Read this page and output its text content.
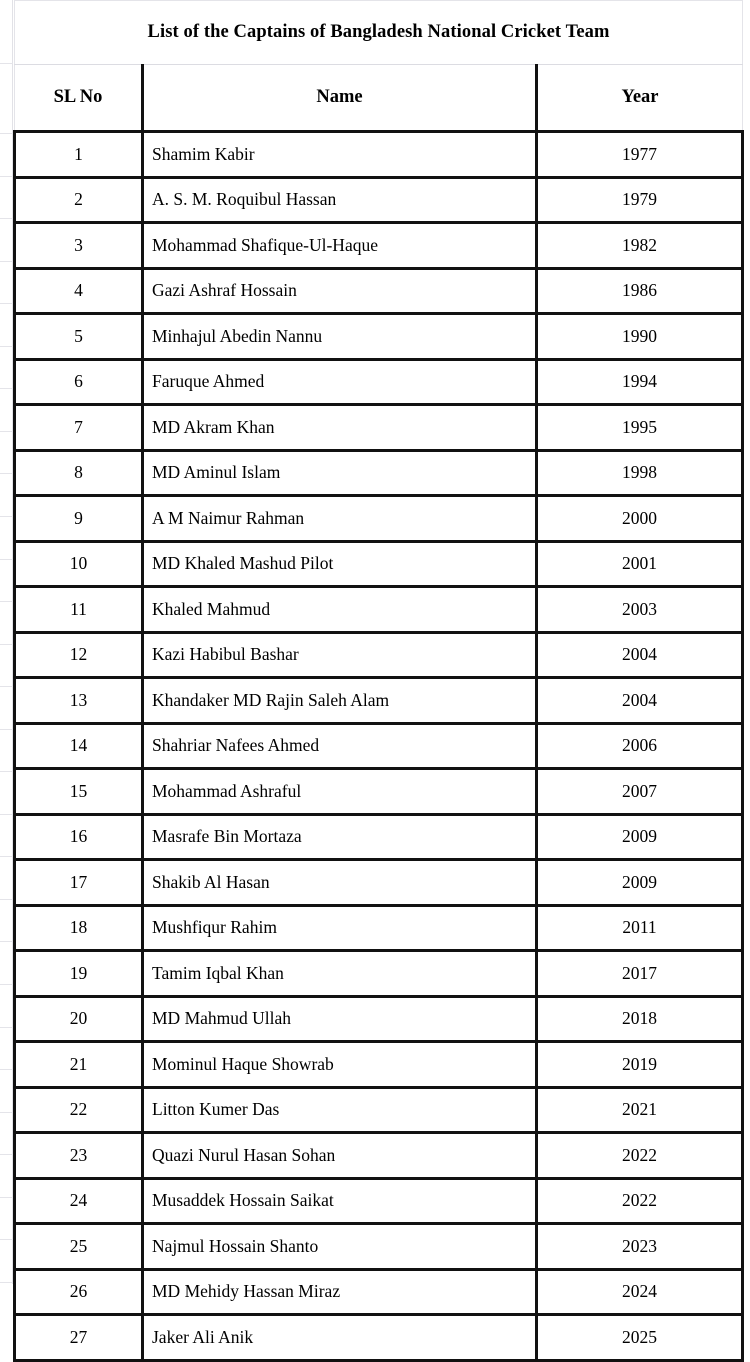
List of the Captains of Bangladesh National Cricket Team		
SL No	Name	Year
1	Shamim Kabir	1977
2	A. S. M. Roquibul Hassan	1979
3	Mohammad Shafique-Ul-Haque	1982
4	Gazi Ashraf Hossain	1986
5	Minhajul Abedin Nannu	1990
6	Faruque Ahmed	1994
7	MD Akram Khan	1995
8	MD Aminul Islam	1998
9	A M Naimur Rahman	2000
10	MD Khaled Mashud Pilot	2001
11	Khaled Mahmud	2003
12	Kazi Habibul Bashar	2004
13	Khandaker MD Rajin Saleh Alam	2004
14	Shahriar Nafees Ahmed	2006
15	Mohammad Ashraful	2007
16	Masrafe Bin Mortaza	2009
17	Shakib Al Hasan	2009
18	Mushfiqur Rahim	2011
19	Tamim Iqbal Khan	2017
20	MD Mahmud Ullah	2018
21	Mominul Haque Showrab	2019
22	Litton Kumer Das	2021
23	Quazi Nurul Hasan Sohan	2022
24	Musaddek Hossain Saikat	2022
25	Najmul Hossain Shanto	2023
26	MD Mehidy Hassan Miraz	2024
27	Jaker Ali Anik	2025
